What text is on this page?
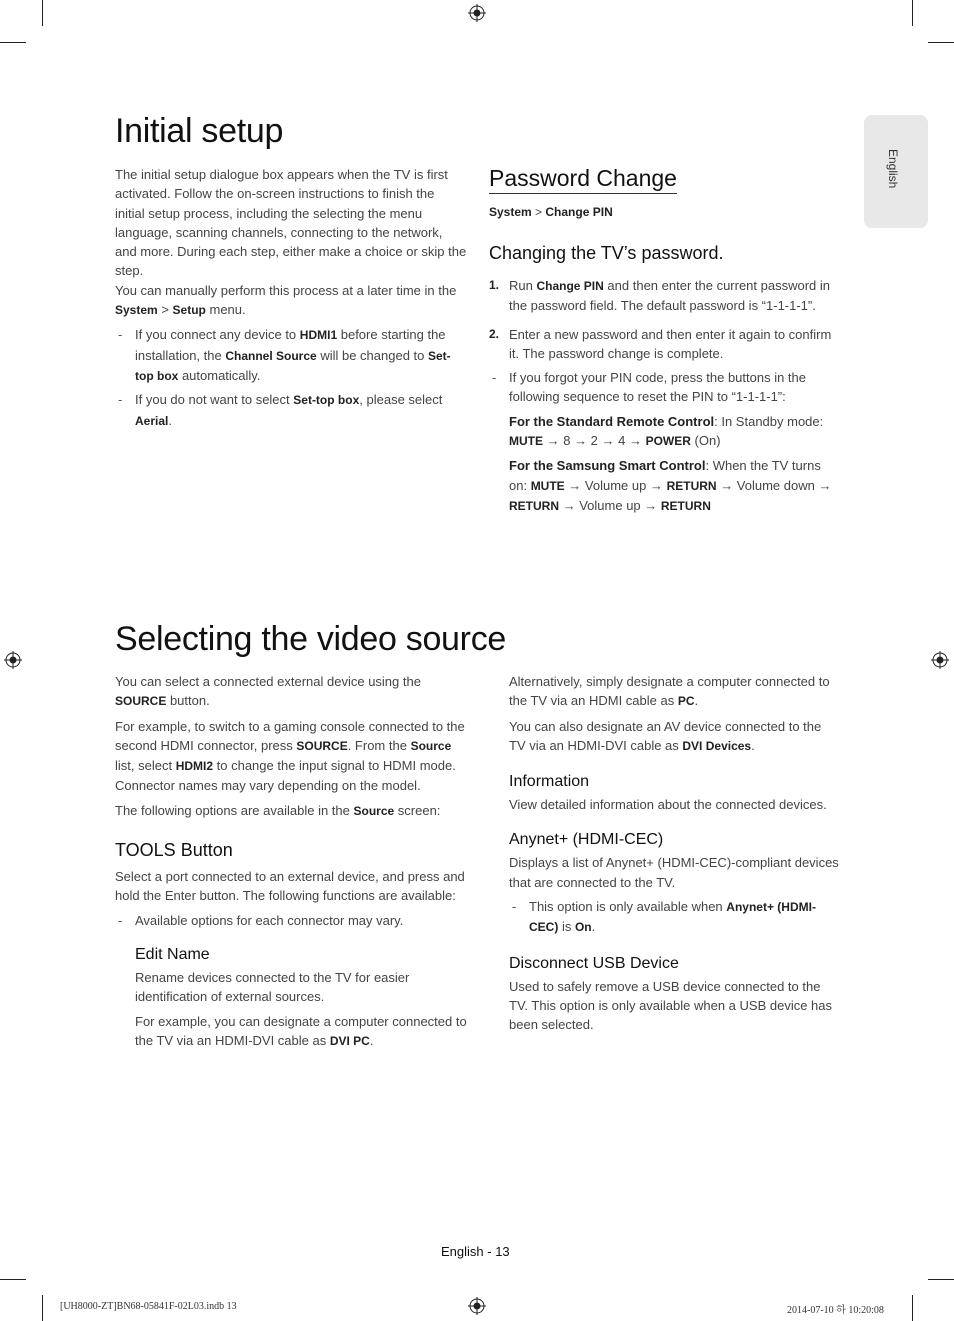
English
Initial setup

The initial setup dialogue box appears when the TV is first activated. Follow the on-screen instructions to finish the initial setup process, including the selecting the menu language, scanning channels, connecting to the network, and more. During each step, either make a choice or skip the step.

You can manually perform this process at a later time in the System > Setup menu.

- If you connect any device to HDMI1 before starting the installation, the Channel Source will be changed to Set-top box automatically.
- If you do not want to select Set-top box, please select Aerial.
Password Change

System > Change PIN

Changing the TV’s password.
1. Run Change PIN and then enter the current password in the password field. The default password is “1-1-1-1”.
2. Enter a new password and then enter it again to confirm it. The password change is complete.
- If you forgot your PIN code, press the buttons in the following sequence to reset the PIN to “1-1-1-1”:

For the Standard Remote Control: In Standby mode:
MUTE → 8 → 2 → 4 → POWER (On)

For the Samsung Smart Control: When the TV turns on: MUTE → Volume up → RETURN → Volume down → RETURN → Volume up → RETURN

Selecting the video source

You can select a connected external device using the SOURCE button.

For example, to switch to a gaming console connected to the second HDMI connector, press SOURCE. From the Source list, select HDMI2 to change the input signal to HDMI mode. Connector names may vary depending on the model.

The following options are available in the Source screen:

TOOLS Button

Select a port connected to an external device, and press and hold the Enter button. The following functions are available:

- Available options for each connector may vary.
Edit Name

Rename devices connected to the TV for easier identification of external sources.

For example, you can designate a computer connected to the TV via an HDMI-DVI cable as DVI PC.

Alternatively, simply designate a computer connected to the TV via an HDMI cable as PC.

You can also designate an AV device connected to the TV via an HDMI-DVI cable as DVI Devices.

Information

View detailed information about the connected devices.

Anynet+ (HDMI-CEC)

Displays a list of Anynet+ (HDMI-CEC)-compliant devices that are connected to the TV.

- This option is only available when Anynet+ (HDMI-CEC) is On.
Disconnect USB Device

Used to safely remove a USB device connected to the TV. This option is only available when a USB device has been selected.

English - 13
[UH8000-ZT]BN68-05841F-02L03.indb 13	2014-07-10 하 10:20:08
